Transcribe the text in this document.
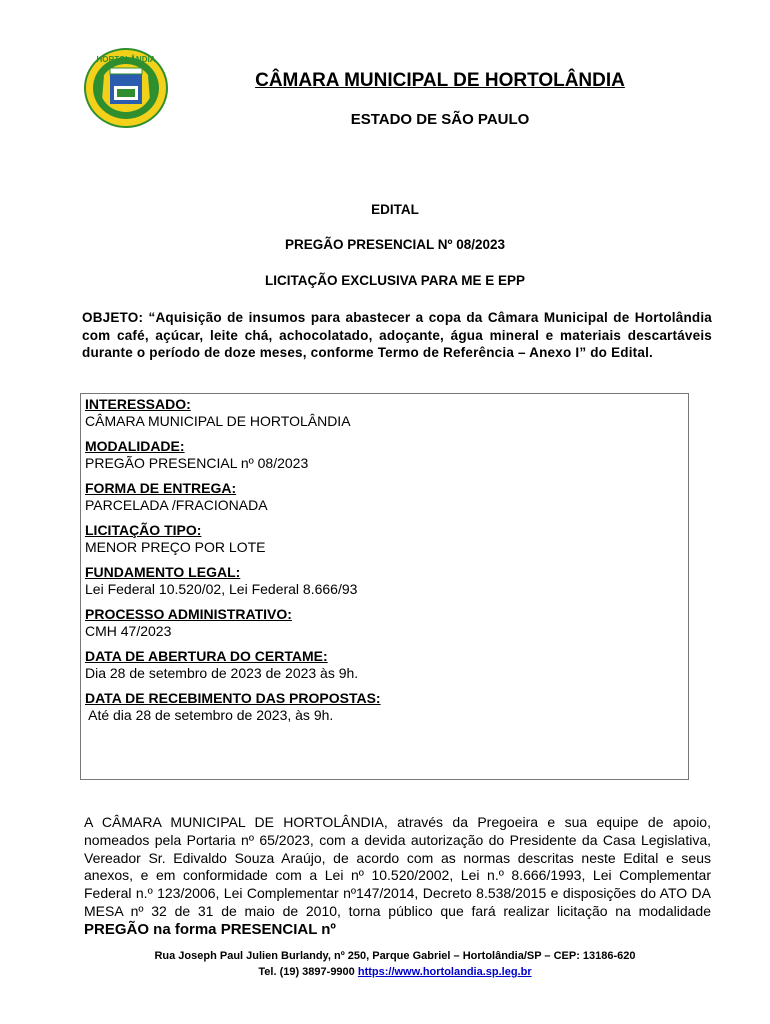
HORTOLÂNDIA
CÂMARA MUNICIPAL DE HORTOLÂNDIA
ESTADO DE SÃO PAULO
EDITAL
PREGÃO PRESENCIAL Nº 08/2023
LICITAÇÃO EXCLUSIVA PARA ME E EPP
OBJETO: “Aquisição de insumos para abastecer a copa da Câmara Municipal de Hortolândia com café, açúcar, leite chá, achocolatado, adoçante, água mineral e materiais descartáveis durante o período de doze meses, conforme Termo de Referência – Anexo I” do Edital.
INTERESSADO:
CÂMARA MUNICIPAL DE HORTOLÂNDIA
MODALIDADE:
PREGÃO PRESENCIAL nº 08/2023
FORMA DE ENTREGA:
PARCELADA /FRACIONADA
LICITAÇÃO TIPO:
MENOR PREÇO POR LOTE
FUNDAMENTO LEGAL:
Lei Federal 10.520/02, Lei Federal 8.666/93
PROCESSO ADMINISTRATIVO:
CMH 47/2023
DATA DE ABERTURA DO CERTAME:
Dia 28 de setembro de 2023 de 2023 às 9h.
DATA DE RECEBIMENTO DAS PROPOSTAS:
Até dia 28 de setembro de 2023, às 9h.
A CÂMARA MUNICIPAL DE HORTOLÂNDIA, através da Pregoeira e sua equipe de apoio, nomeados pela Portaria nº 65/2023, com a devida autorização do Presidente da Casa Legislativa, Vereador Sr. Edivaldo Souza Araújo, de acordo com as normas descritas neste Edital e seus anexos, e em conformidade com a Lei nº 10.520/2002, Lei n.º 8.666/1993, Lei Complementar Federal n.º 123/2006, Lei Complementar nº147/2014, Decreto 8.538/2015 e disposições do ATO DA MESA nº 32 de 31 de maio de 2010, torna público que fará realizar licitação na modalidade PREGÃO na forma PRESENCIAL nº
Rua Joseph Paul Julien Burlandy, nº 250, Parque Gabriel – Hortolândia/SP – CEP: 13186-620
Tel. (19) 3897-9900 https://www.hortolandia.sp.leg.br
